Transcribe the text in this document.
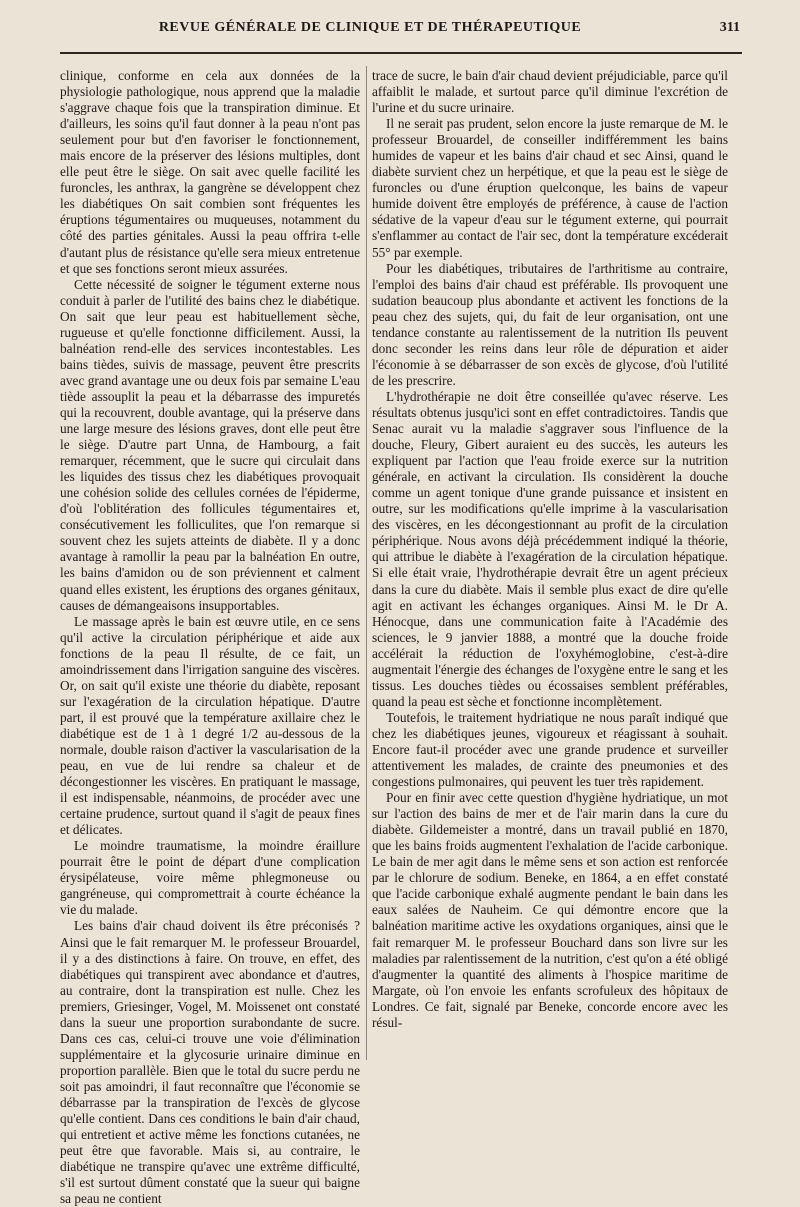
REVUE GÉNÉRALE DE CLINIQUE ET DE THÉRAPEUTIQUE	311

clinique, conforme en cela aux données de la physiologie pathologique, nous apprend que la maladie s'aggrave chaque fois que la transpiration diminue. Et d'ailleurs, les soins qu'il faut donner à la peau n'ont pas seulement pour but d'en favoriser le fonctionnement, mais encore de la préserver des lésions multiples, dont elle peut être le siège. On sait avec quelle facilité les furoncles, les anthrax, la gangrène se développent chez les diabétiques On sait combien sont fréquentes les éruptions tégumentaires ou muqueuses, notamment du côté des parties génitales. Aussi la peau offrira t-elle d'autant plus de résistance qu'elle sera mieux entretenue et que ses fonctions seront mieux assurées.

Cette nécessité de soigner le tégument externe nous conduit à parler de l'utilité des bains chez le diabétique. On sait que leur peau est habituellement sèche, rugueuse et qu'elle fonctionne difficilement. Aussi, la balnéation rend-elle des services incontestables. Les bains tièdes, suivis de massage, peuvent être prescrits avec grand avantage une ou deux fois par semaine L'eau tiède assouplit la peau et la débarrasse des impuretés qui la recouvrent, double avantage, qui la préserve dans une large mesure des lésions graves, dont elle peut être le siège. D'autre part Unna, de Hambourg, a fait remarquer, récemment, que le sucre qui circulait dans les liquides des tissus chez les diabétiques provoquait une cohésion solide des cellules cornées de l'épiderme, d'où l'oblitération des follicules tégumentaires et, consécutivement les folliculites, que l'on remarque si souvent chez les sujets atteints de diabète. Il y a donc avantage à ramollir la peau par la balnéation En outre, les bains d'amidon ou de son préviennent et calment quand elles existent, les éruptions des organes génitaux, causes de démangeaisons insupportables.

Le massage après le bain est œuvre utile, en ce sens qu'il active la circulation périphérique et aide aux fonctions de la peau Il résulte, de ce fait, un amoindrissement dans l'irrigation sanguine des viscères. Or, on sait qu'il existe une théorie du diabète, reposant sur l'exagération de la circulation hépatique. D'autre part, il est prouvé que la température axillaire chez le diabétique est de 1 à 1 degré 1/2 au-dessous de la normale, double raison d'activer la vascularisation de la peau, en vue de lui rendre sa chaleur et de décongestionner les viscères. En pratiquant le massage, il est indispensable, néanmoins, de procéder avec une certaine prudence, surtout quand il s'agit de peaux fines et délicates.

Le moindre traumatisme, la moindre éraillure pourrait être le point de départ d'une complication érysipélateuse, voire même phlegmoneuse ou gangréneuse, qui compromettrait à courte échéance la vie du malade.

Les bains d'air chaud doivent ils être préconisés ? Ainsi que le fait remarquer M. le professeur Brouardel, il y a des distinctions à faire. On trouve, en effet, des diabétiques qui transpirent avec abondance et d'autres, au contraire, dont la transpiration est nulle. Chez les premiers, Griesinger, Vogel, M. Moissenet ont constaté dans la sueur une proportion surabondante de sucre. Dans ces cas, celui-ci trouve une voie d'élimination supplémentaire et la glycosurie urinaire diminue en proportion parallèle. Bien que le total du sucre perdu ne soit pas amoindri, il faut reconnaître que l'économie se débarrasse par la transpiration de l'excès de glycose qu'elle contient. Dans ces conditions le bain d'air chaud, qui entretient et active même les fonctions cutanées, ne peut être que favorable. Mais si, au contraire, le diabétique ne transpire qu'avec une extrême difficulté, s'il est surtout dûment constaté que la sueur qui baigne sa peau ne contient

trace de sucre, le bain d'air chaud devient préjudiciable, parce qu'il affaiblit le malade, et surtout parce qu'il diminue l'excrétion de l'urine et du sucre urinaire.

Il ne serait pas prudent, selon encore la juste remarque de M. le professeur Brouardel, de conseiller indifféremment les bains humides de vapeur et les bains d'air chaud et sec Ainsi, quand le diabète survient chez un herpétique, et que la peau est le siège de furoncles ou d'une éruption quelconque, les bains de vapeur humide doivent être employés de préférence, à cause de l'action sédative de la vapeur d'eau sur le tégument externe, qui pourrait s'enflammer au contact de l'air sec, dont la température excéderait 55° par exemple.

Pour les diabétiques, tributaires de l'arthritisme au contraire, l'emploi des bains d'air chaud est préférable. Ils provoquent une sudation beaucoup plus abondante et activent les fonctions de la peau chez des sujets, qui, du fait de leur organisation, ont une tendance constante au ralentissement de la nutrition Ils peuvent donc seconder les reins dans leur rôle de dépuration et aider l'économie à se débarrasser de son excès de glycose, d'où l'utilité de les prescrire.

L'hydrothérapie ne doit être conseillée qu'avec réserve. Les résultats obtenus jusqu'ici sont en effet contradictoires. Tandis que Senac aurait vu la maladie s'aggraver sous l'influence de la douche, Fleury, Gibert auraient eu des succès, les auteurs les expliquent par l'action que l'eau froide exerce sur la nutrition générale, en activant la circulation. Ils considèrent la douche comme un agent tonique d'une grande puissance et insistent en outre, sur les modifications qu'elle imprime à la vascularisation des viscères, en les décongestionnant au profit de la circulation périphérique. Nous avons déjà précédemment indiqué la théorie, qui attribue le diabète à l'exagération de la circulation hépatique. Si elle était vraie, l'hydrothérapie devrait être un agent précieux dans la cure du diabète. Mais il semble plus exact de dire qu'elle agit en activant les échanges organiques. Ainsi M. le Dr A. Hénocque, dans une communication faite à l'Académie des sciences, le 9 janvier 1888, a montré que la douche froide accélérait la réduction de l'oxyhémoglobine, c'est-à-dire augmentait l'énergie des échanges de l'oxygène entre le sang et les tissus. Les douches tièdes ou écossaises semblent préférables, quand la peau est sèche et fonctionne incomplètement.

Toutefois, le traitement hydriatique ne nous paraît indiqué que chez les diabétiques jeunes, vigoureux et réagissant à souhait. Encore faut-il procéder avec une grande prudence et surveiller attentivement les malades, de crainte des pneumonies et des congestions pulmonaires, qui peuvent les tuer très rapidement.

Pour en finir avec cette question d'hygiène hydriatique, un mot sur l'action des bains de mer et de l'air marin dans la cure du diabète. Gildemeister a montré, dans un travail publié en 1870, que les bains froids augmentent l'exhalation de l'acide carbonique. Le bain de mer agit dans le même sens et son action est renforcée par le chlorure de sodium. Beneke, en 1864, a en effet constaté que l'acide carbonique exhalé augmente pendant le bain dans les eaux salées de Nauheim. Ce qui démontre encore que la balnéation maritime active les oxydations organiques, ainsi que le fait remarquer M. le professeur Bouchard dans son livre sur les maladies par ralentissement de la nutrition, c'est qu'on a été obligé d'augmenter la quantité des aliments à l'hospice maritime de Margate, où l'on envoie les enfants scrofuleux des hôpitaux de Londres. Ce fait, signalé par Beneke, concorde encore avec les résul-
